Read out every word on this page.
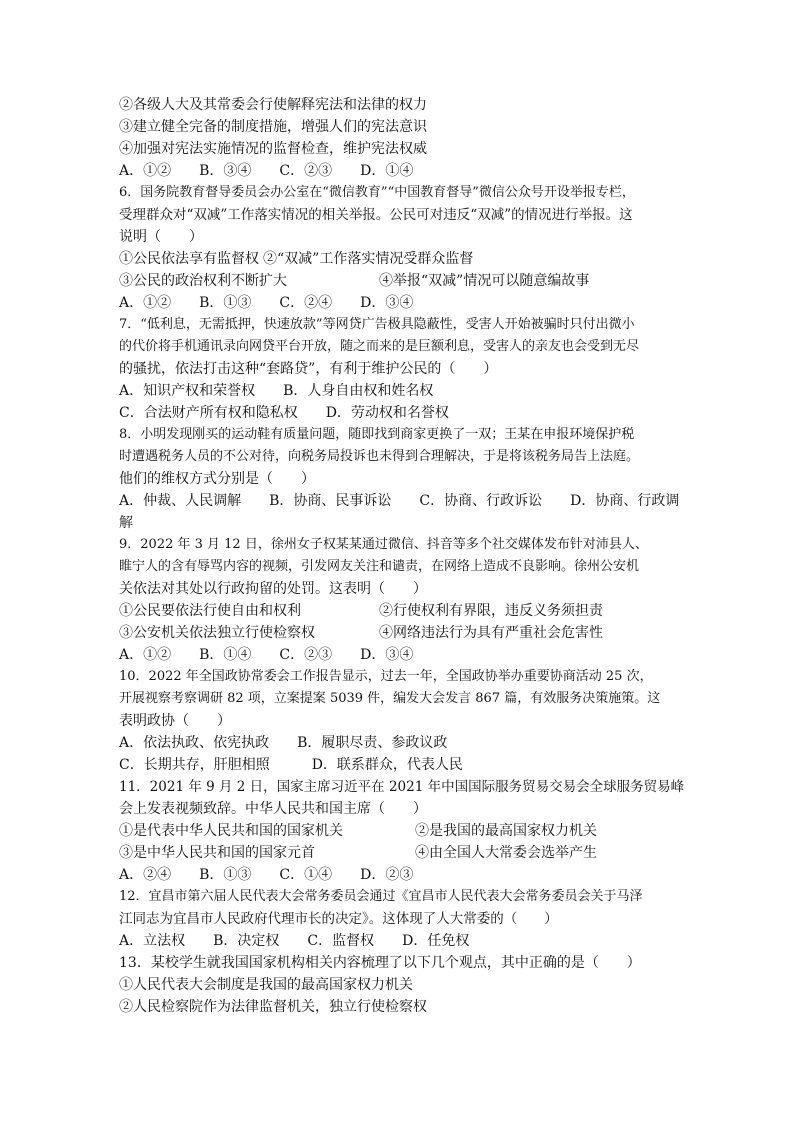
②各级人大及其常委会行使解释宪法和法律的权力
③建立健全完备的制度措施，增强人们的宪法意识
④加强对宪法实施情况的监督检查，维护宪法权威
A．①②　　B．③④　　C．②③　　D．①④
6．国务院教育督导委员会办公室在“微信教育”“中国教育督导”微信公众号开设举报专栏，
受理群众对“双减”工作落实情况的相关举报。公民可对违反“双减”的情况进行举报。这
说明（　　）
①公民依法享有监督权 ②“双减”工作落实情况受群众监督
③公民的政治权利不断扩大	④举报“双减”情况可以随意编故事
A．①②　　B．①③　　C．②④　　D．③④
7．“低利息，无需抵押，快速放款”等网贷广告极具隐蔽性，受害人开始被骗时只付出微小
的代价将手机通讯录向网贷平台开放，随之而来的是巨额利息，受害人的亲友也会受到无尽
的骚扰，依法打击这种“套路贷”，有利于维护公民的（　　）
A．知识产权和荣誉权　　B．人身自由权和姓名权
C．合法财产所有权和隐私权　　D．劳动权和名誉权
8．小明发现刚买的运动鞋有质量问题，随即找到商家更换了一双；王某在申报环境保护税
时遭遇税务人员的不公对待，向税务局投诉也未得到合理解决，于是将该税务局告上法庭。
他们的维权方式分别是（　　）
A．仲裁、人民调解　　B．协商、民事诉讼　　C．协商、行政诉讼　　D．协商、行政调
解
9．2022 年 3 月 12 日，徐州女子权某某通过微信、抖音等多个社交媒体发布针对沛县人、
睢宁人的含有辱骂内容的视频，引发网友关注和谴责，在网络上造成不良影响。徐州公安机
关依法对其处以行政拘留的处罚。这表明（　　）
①公民要依法行使自由和权利	②行使权利有界限，违反义务须担责
③公安机关依法独立行使检察权	④网络违法行为具有严重社会危害性
A．①②　　B．①④　　C．②③　　D．③④
10．2022 年全国政协常委会工作报告显示，过去一年，全国政协举办重要协商活动 25 次，
开展视察考察调研 82 项，立案提案 5039 件，编发大会发言 867 篇，有效服务决策施策。这
表明政协（　　）
A．依法执政、依宪执政　　B．履职尽责、参政议政
C．长期共存，肝胆相照　　　D．联系群众，代表人民
11．2021 年 9 月 2 日，国家主席习近平在 2021 年中国国际服务贸易交易会全球服务贸易峰
会上发表视频致辞。中华人民共和国主席（　　）
①是代表中华人民共和国的国家机关	②是我国的最高国家权力机关
③是中华人民共和国的国家元首	④由全国人大常委会选举产生
A．②④　　B．①③　　C．①④　　D．②③
12．宜昌市第六届人民代表大会常务委员会通过《宜昌市人民代表大会常务委员会关于马泽
江同志为宜昌市人民政府代理市长的决定》。这体现了人大常委的（　　）
A．立法权　　B．决定权　　C．监督权　　D．任免权
13．某校学生就我国国家机构相关内容梳理了以下几个观点，其中正确的是（　　）
①人民代表大会制度是我国的最高国家权力机关
②人民检察院作为法律监督机关，独立行使检察权
